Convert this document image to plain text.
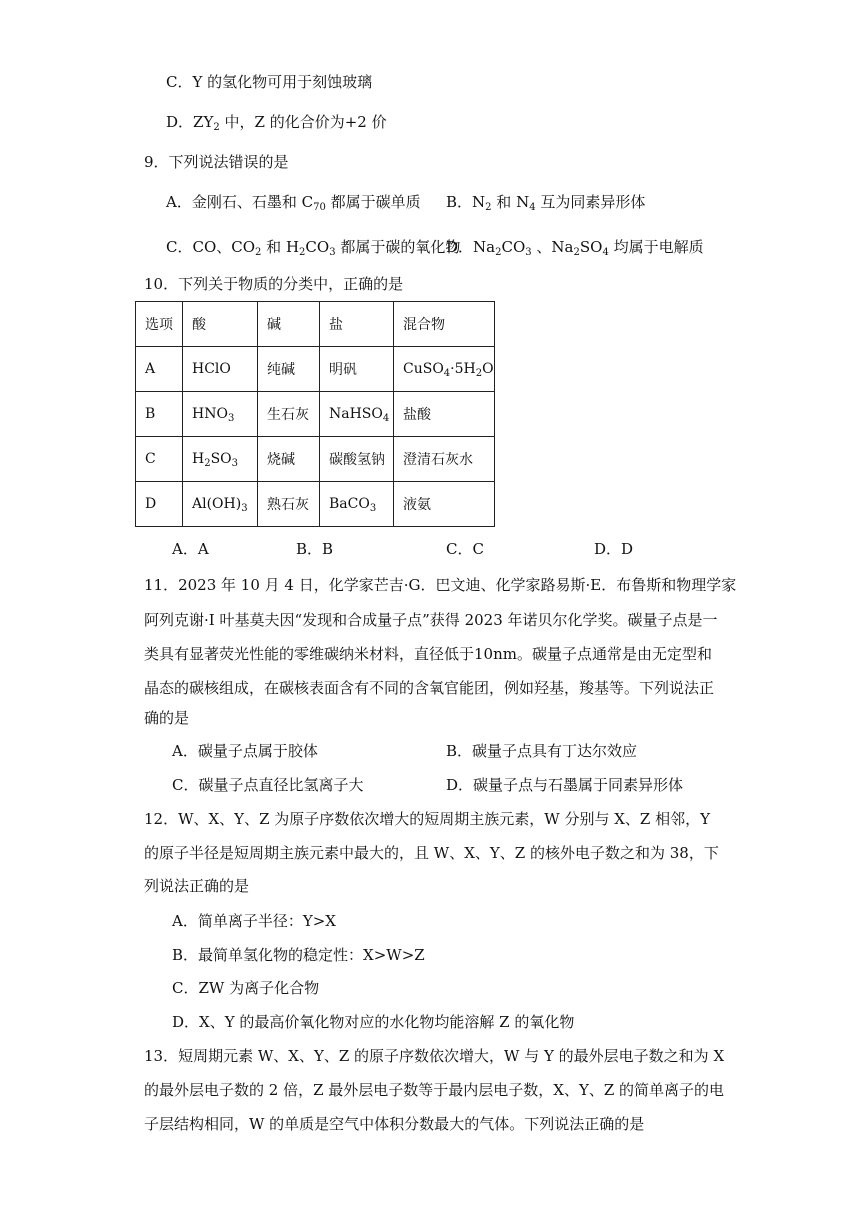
C．Y 的氢化物可用于刻蚀玻璃
D．$ZY_2$ 中，Z 的化合价为+2 价
9．下列说法错误的是
A．金刚石、石墨和 $C_{70}$ 都属于碳单质 B．$N_2$ 和 $N_4$ 互为同素异形体
C．CO、$CO_2$ 和 $H_2CO_3$ 都属于碳的氧化物
D．$Na_2CO_3$ 、$Na_2SO_4$ 均属于电解质
10．下列关于物质的分类中，正确的是
选项	酸	碱	盐	混合物
A	HClO	纯碱	明矾	$CuSO_4\cdot 5H_2O$
B	$HNO_3$	生石灰	NaHSO$_4$	盐酸
C	$H_2SO_3$	烧碱	碳酸氢钠	澄清石灰水
D	$Al(OH)_3$	熟石灰	BaCO$_3$	液氨
A．A	B．B	C．C	D．D
11．2023 年 10 月 4 日，化学家芒吉·G．巴文迪、化学家路易斯·E．布鲁斯和物理学家
阿列克谢·I 叶基莫夫因“发现和合成量子点”获得 2023 年诺贝尔化学奖。碳量子点是一
类具有显著荧光性能的零维碳纳米材料，直径低于10nm。碳量子点通常是由无定型和
晶态的碳核组成，在碳核表面含有不同的含氧官能团，例如羟基，羧基等。下列说法正
确的是
A．碳量子点属于胶体	B．碳量子点具有丁达尔效应
C．碳量子点直径比氢离子大	D．碳量子点与石墨属于同素异形体
12．W、X、Y、Z 为原子序数依次增大的短周期主族元素，W 分别与 X、Z 相邻，Y
的原子半径是短周期主族元素中最大的，且 W、X、Y、Z 的核外电子数之和为 38，下
列说法正确的是
A．简单离子半径：Y>X
B．最简单氢化物的稳定性：X>W>Z
C．ZW 为离子化合物
D．X、Y 的最高价氧化物对应的水化物均能溶解 Z 的氧化物
13．短周期元素 W、X、Y、Z 的原子序数依次增大，W 与 Y 的最外层电子数之和为 X
的最外层电子数的 2 倍，Z 最外层电子数等于最内层电子数，X、Y、Z 的简单离子的电
子层结构相同，W 的单质是空气中体积分数最大的气体。下列说法正确的是
